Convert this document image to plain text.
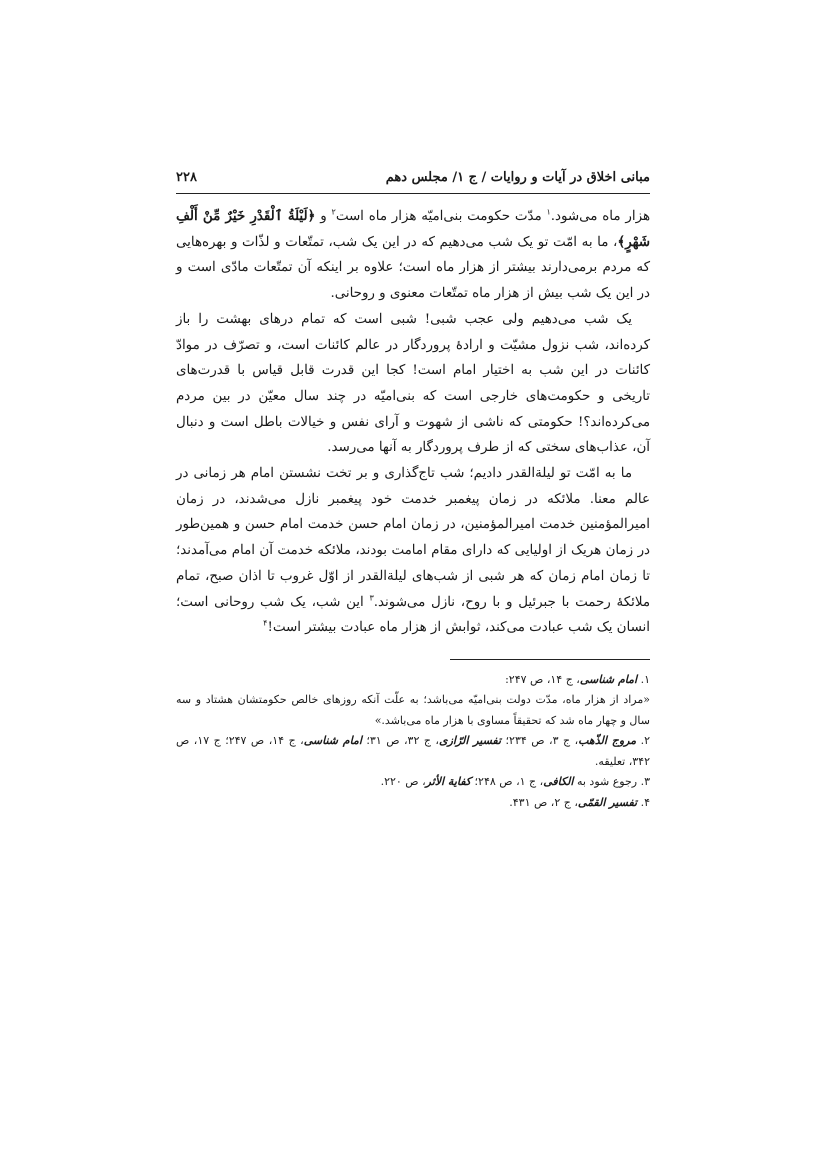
مبانی اخلاق در آیات و روایات / ج ۱/ مجلس دهم
۲۲۸

هزار ماه می‌شود.$^۱$ مدّت حکومت بنی‌امیّه هزار ماه است$^۲$ و ﴿لَيْلَةُ ٱلْقَدْرِ خَيْرٌ مِّنْ أَلْفِ شَهْرٍ﴾، ما به امّت تو یک شب می‌دهیم که در این یک شب، تمتّعات و لذّات و بهره‌هایی که مردم برمی‌دارند بیشتر از هزار ماه است؛ علاوه بر اینکه آن تمتّعات مادّی است و در این یک شب بیش از هزار ماه تمتّعات معنوی و روحانی.

یک شب می‌دهیم ولی عجب شبی! شبی است که تمام درهای بهشت را باز کرده‌اند، شب نزول مشیّت و ارادهٔ پروردگار در عالم کائنات است، و تصرّف در موادّ کائنات در این شب به اختیار امام است! کجا این قدرت قابل قیاس با قدرت‌های تاریخی و حکومت‌های خارجی است که بنی‌امیّه در چند سال معیّن در بین مردم می‌کرده‌اند؟! حکومتی که ناشی از شهوت و آرای نفس و خیالات باطل است و دنبال آن، عذاب‌های سختی که از طرف پروردگار به آنها می‌رسد.

ما به امّت تو لیلةالقدر دادیم؛ شب تاج‌گذاری و بر تخت نشستن امام هر زمانی در عالم معنا. ملائکه در زمان پیغمبر خدمت خود پیغمبر نازل می‌شدند، در زمان امیرالمؤمنین خدمت امیرالمؤمنین، در زمان امام حسن خدمت امام حسن و همین‌طور در زمان هریک از اولیایی که دارای مقام امامت بودند، ملائکه خدمت آن امام می‌آمدند؛ تا زمان امام زمان که هر شبی از شب‌های لیلةالقدر از اوّل غروب تا اذان صبح، تمام ملائکهٔ رحمت با جبرئیل و با روح، نازل می‌شوند.$^۳$ این شب، یک شب روحانی است؛ انسان یک شب عبادت می‌کند، ثوابش از هزار ماه عبادت بیشتر است!$^۴$

۱. امام شناسی، ج ۱۴، ص ۲۴۷:

«مراد از هزار ماه، مدّت دولت بنی‌امیّه می‌باشد؛ به علّت آنکه روزهای خالص حکومتشان هشتاد و سه سال و چهار ماه شد که تحقیقاً مساوی با هزار ماه می‌باشد.»

۲. مروج الذّهب، ج ۳، ص ۲۳۴؛ تفسیر الرّازی، ج ۳۲، ص ۳۱؛ امام شناسی، ج ۱۴، ص ۲۴۷؛ ج ۱۷، ص ۳۴۲، تعلیقه.

۳. رجوع شود به الکافی، ج ۱، ص ۲۴۸؛ کفایة الأثر، ص ۲۲۰.

۴. تفسیر القمّی، ج ۲، ص ۴۳۱.
